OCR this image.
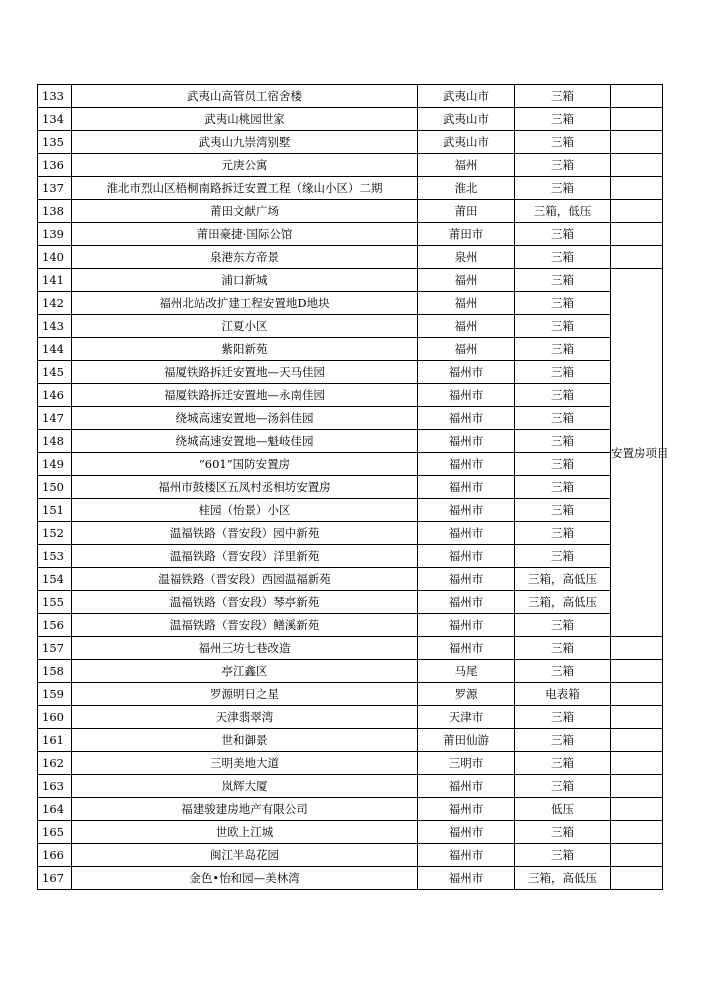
133	武夷山高管员工宿舍楼	武夷山市	三箱	
134	武夷山桃园世家	武夷山市	三箱	
135	武夷山九崇湾别墅	武夷山市	三箱	
136	元庚公寓	福州	三箱	
137	淮北市烈山区梧桐南路拆迁安置工程（缘山小区）二期	淮北	三箱	
138	莆田文献广场	莆田	三箱，低压	
139	莆田豪捷·国际公馆	莆田市	三箱	
140	泉港东方帝景	泉州	三箱	
141	浦口新城	福州	三箱	安置房项目
142	福州北站改扩建工程安置地D地块	福州	三箱	
143	江夏小区	福州	三箱	
144	紫阳新苑	福州	三箱	
145	福厦铁路拆迁安置地—天马佳园	福州市	三箱	
146	福厦铁路拆迁安置地—永南佳园	福州市	三箱	
147	绕城高速安置地—汤斜佳园	福州市	三箱	
148	绕城高速安置地—魁岐佳园	福州市	三箱	
149	“601”国防安置房	福州市	三箱	
150	福州市鼓楼区五凤村丞相坊安置房	福州市	三箱	
151	桂园（怡景）小区	福州市	三箱	
152	温福铁路（晋安段）园中新苑	福州市	三箱	
153	温福铁路（晋安段）洋里新苑	福州市	三箱	
154	温福铁路（晋安段）西园温福新苑	福州市	三箱，高低压	
155	温福铁路（晋安段）琴亭新苑	福州市	三箱，高低压	
156	温福铁路（晋安段）鳝溪新苑	福州市	三箱	
157	福州三坊七巷改造	福州市	三箱	
158	亭江鑫区	马尾	三箱	
159	罗源明日之星	罗源	电表箱	
160	天津翡翠湾	天津市	三箱	
161	世和御景	莆田仙游	三箱	
162	三明美地大道	三明市	三箱	
163	岚辉大厦	福州市	三箱	
164	福建骏建房地产有限公司	福州市	低压	
165	世欧上江城	福州市	三箱	
166	闽江半岛花园	福州市	三箱	
167	金色•怡和园—美林湾	福州市	三箱，高低压	
